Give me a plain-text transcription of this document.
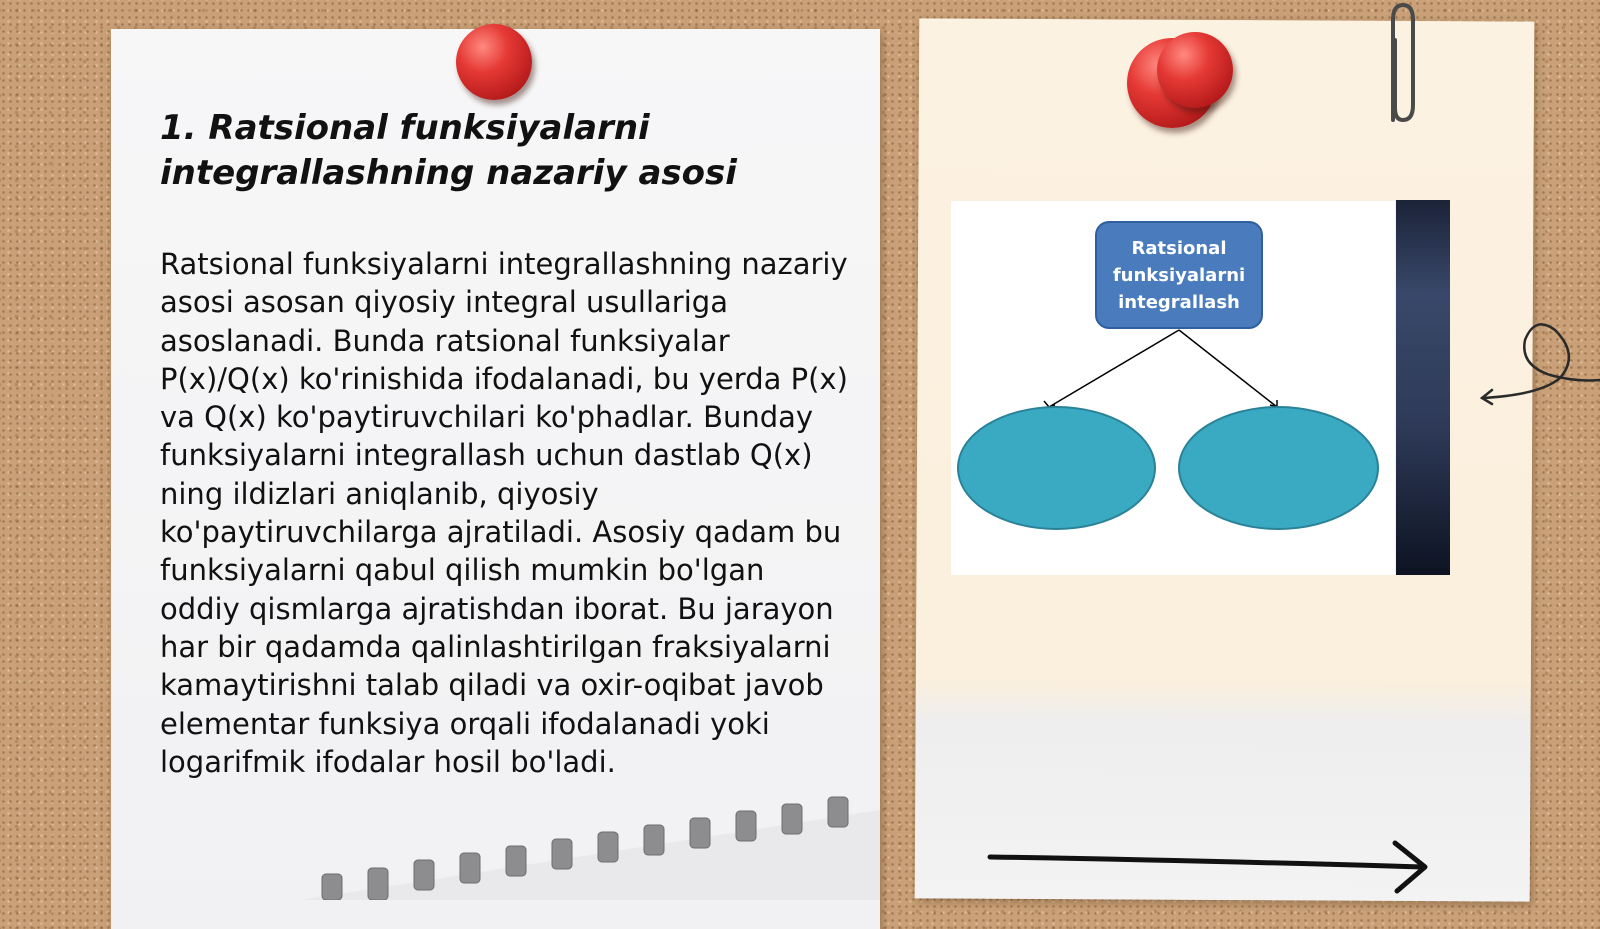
1. Ratsional funksiyalarni integrallashning nazariy asosi

Ratsional funksiyalarni integrallashning nazariy asosi asosan qiyosiy integral usullariga asoslanadi. Bunda ratsional funksiyalar P(x)/Q(x) ko'rinishida ifodalanadi, bu yerda P(x) va Q(x) ko'paytiruvchilari ko'phadlar. Bunday funksiyalarni integrallash uchun dastlab Q(x) ning ildizlari aniqlanib, qiyosiy ko'paytiruvchilarga ajratiladi. Asosiy qadam bu funksiyalarni qabul qilish mumkin bo'lgan oddiy qismlarga ajratishdan iborat. Bu jarayon har bir qadamda qalinlashtirilgan fraksiyalarni kamaytirishni talab qiladi va oxir-oqibat javob elementar funksiya orqali ifodalanadi yoki logarifmik ifodalar hosil bo'ladi.

Ratsional funksiyalarni integrallash
